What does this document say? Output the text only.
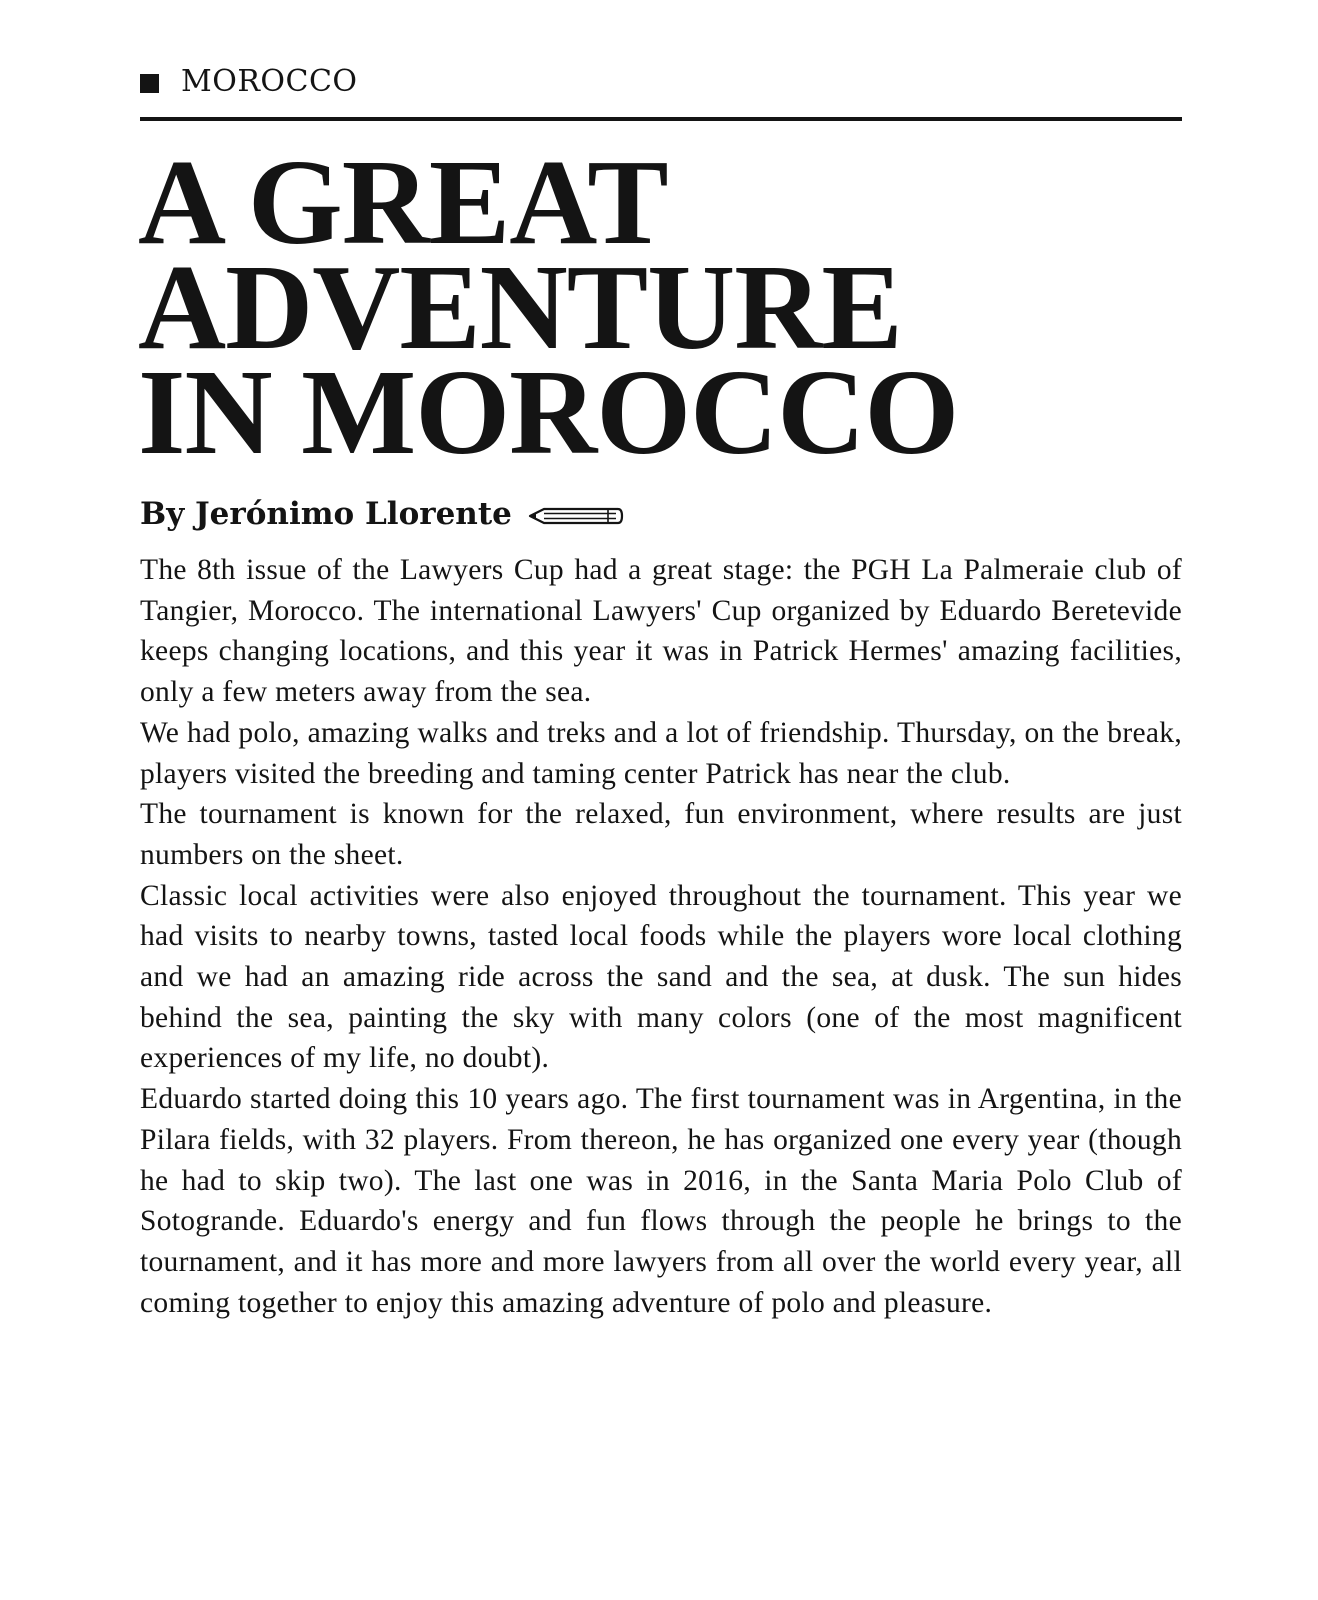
MOROCCO
A GREAT
ADVENTURE
IN MOROCCO
By Jerónimo Llorente

The 8th issue of the Lawyers Cup had a great stage: the PGH La Palmeraie club of Tangier, Morocco. The international Lawyers' Cup organized by Eduardo Beretevide keeps changing locations, and this year it was in Patrick Hermes' amazing facilities, only a few meters away from the sea.

We had polo, amazing walks and treks and a lot of friendship. Thursday, on the break, players visited the breeding and taming center Patrick has near the club.

The tournament is known for the relaxed, fun environment, where results are just numbers on the sheet.

Classic local activities were also enjoyed throughout the tournament. This year we had visits to nearby towns, tasted local foods while the players wore local clothing and we had an amazing ride across the sand and the sea, at dusk. The sun hides behind the sea, painting the sky with many colors (one of the most magnificent experiences of my life, no doubt).

Eduardo started doing this 10 years ago. The first tournament was in Argentina, in the Pilara fields, with 32 players. From thereon, he has organized one every year (though he had to skip two). The last one was in 2016, in the Santa Maria Polo Club of Sotogrande. Eduardo's energy and fun flows through the people he brings to the tournament, and it has more and more lawyers from all over the world every year, all coming together to enjoy this amazing adventure of polo and pleasure.
